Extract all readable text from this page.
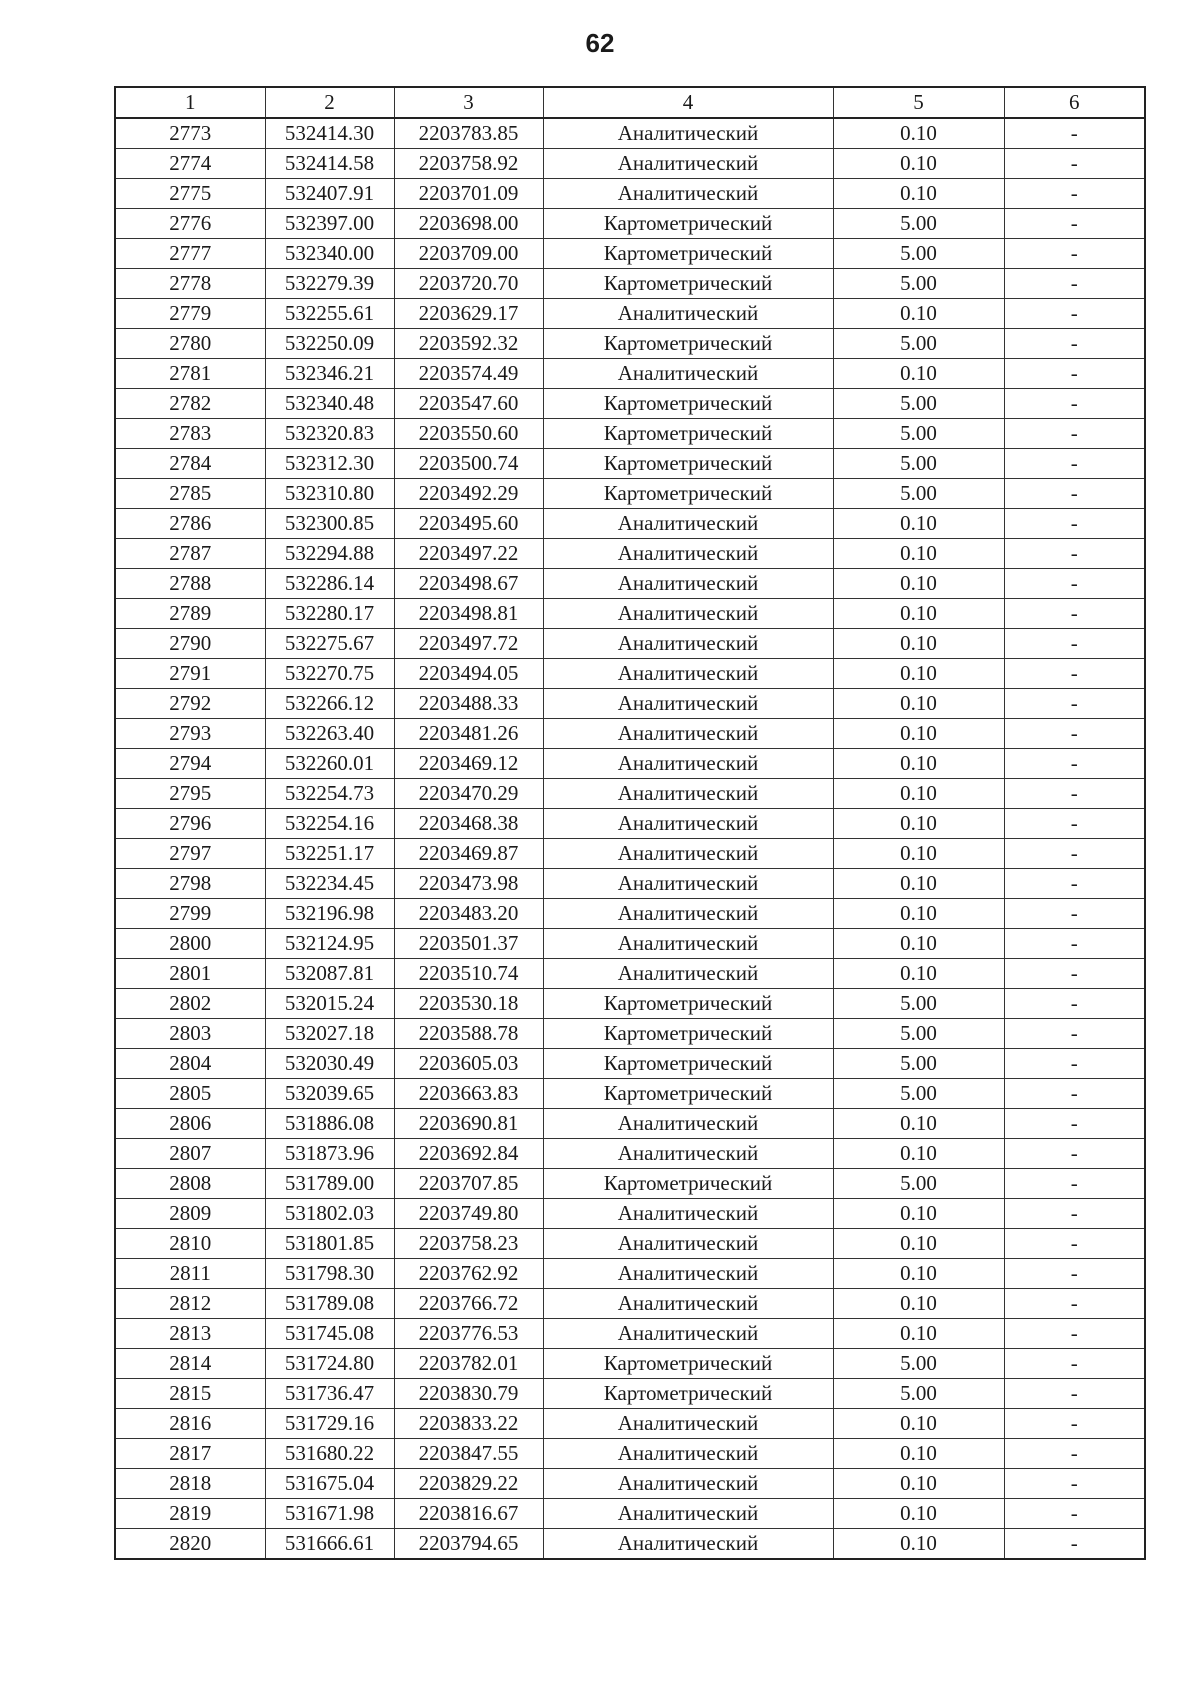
62
1	2	3	4	5	6
2773	532414.30	2203783.85	Аналитический	0.10	-
2774	532414.58	2203758.92	Аналитический	0.10	-
2775	532407.91	2203701.09	Аналитический	0.10	-
2776	532397.00	2203698.00	Картометрический	5.00	-
2777	532340.00	2203709.00	Картометрический	5.00	-
2778	532279.39	2203720.70	Картометрический	5.00	-
2779	532255.61	2203629.17	Аналитический	0.10	-
2780	532250.09	2203592.32	Картометрический	5.00	-
2781	532346.21	2203574.49	Аналитический	0.10	-
2782	532340.48	2203547.60	Картометрический	5.00	-
2783	532320.83	2203550.60	Картометрический	5.00	-
2784	532312.30	2203500.74	Картометрический	5.00	-
2785	532310.80	2203492.29	Картометрический	5.00	-
2786	532300.85	2203495.60	Аналитический	0.10	-
2787	532294.88	2203497.22	Аналитический	0.10	-
2788	532286.14	2203498.67	Аналитический	0.10	-
2789	532280.17	2203498.81	Аналитический	0.10	-
2790	532275.67	2203497.72	Аналитический	0.10	-
2791	532270.75	2203494.05	Аналитический	0.10	-
2792	532266.12	2203488.33	Аналитический	0.10	-
2793	532263.40	2203481.26	Аналитический	0.10	-
2794	532260.01	2203469.12	Аналитический	0.10	-
2795	532254.73	2203470.29	Аналитический	0.10	-
2796	532254.16	2203468.38	Аналитический	0.10	-
2797	532251.17	2203469.87	Аналитический	0.10	-
2798	532234.45	2203473.98	Аналитический	0.10	-
2799	532196.98	2203483.20	Аналитический	0.10	-
2800	532124.95	2203501.37	Аналитический	0.10	-
2801	532087.81	2203510.74	Аналитический	0.10	-
2802	532015.24	2203530.18	Картометрический	5.00	-
2803	532027.18	2203588.78	Картометрический	5.00	-
2804	532030.49	2203605.03	Картометрический	5.00	-
2805	532039.65	2203663.83	Картометрический	5.00	-
2806	531886.08	2203690.81	Аналитический	0.10	-
2807	531873.96	2203692.84	Аналитический	0.10	-
2808	531789.00	2203707.85	Картометрический	5.00	-
2809	531802.03	2203749.80	Аналитический	0.10	-
2810	531801.85	2203758.23	Аналитический	0.10	-
2811	531798.30	2203762.92	Аналитический	0.10	-
2812	531789.08	2203766.72	Аналитический	0.10	-
2813	531745.08	2203776.53	Аналитический	0.10	-
2814	531724.80	2203782.01	Картометрический	5.00	-
2815	531736.47	2203830.79	Картометрический	5.00	-
2816	531729.16	2203833.22	Аналитический	0.10	-
2817	531680.22	2203847.55	Аналитический	0.10	-
2818	531675.04	2203829.22	Аналитический	0.10	-
2819	531671.98	2203816.67	Аналитический	0.10	-
2820	531666.61	2203794.65	Аналитический	0.10	-
